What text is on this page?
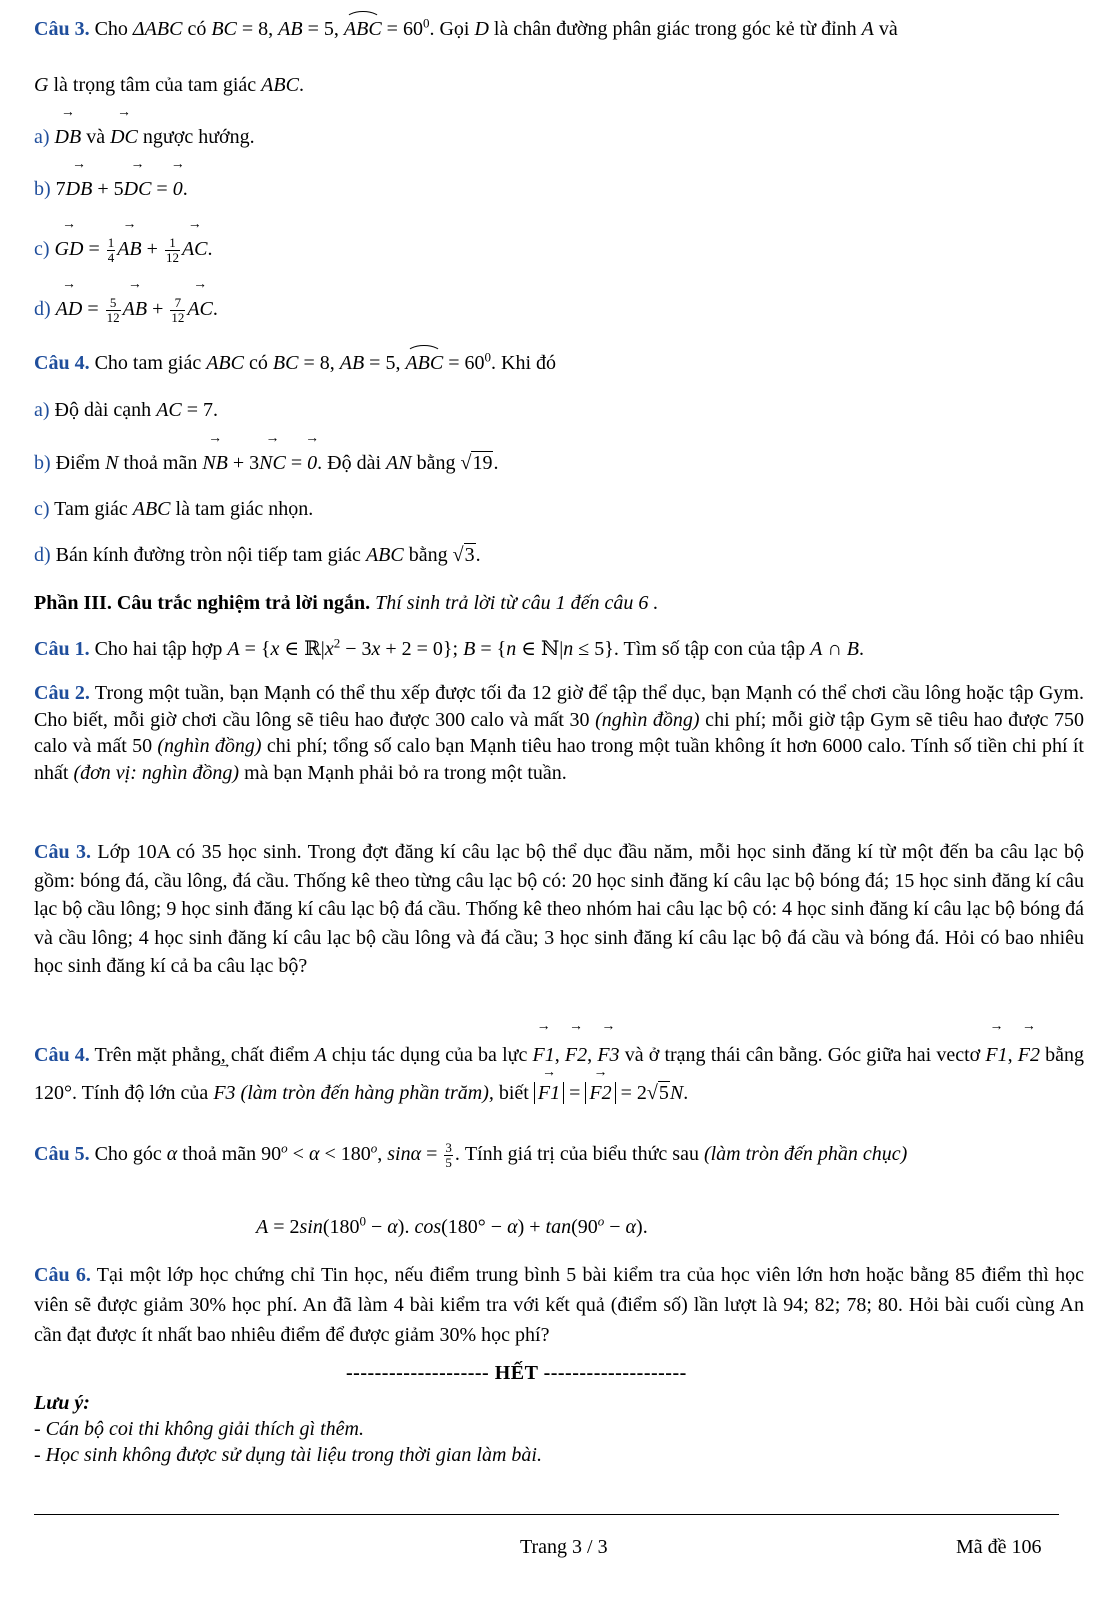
Câu 3. Cho ΔABC có BC = 8, AB = 5, ABC = $60^0$. Gọi D là chân đường phân giác trong góc kẻ từ đỉnh A và
G là trọng tâm của tam giác ABC.
a) → DB và → DC ngược hướng.
b) 7→ DB + 5→ DC = → 0.
c) → GD = $\frac{1}{4}$ → AB + $\frac{1}{12}$ → AC.
d) → AD = $\frac{5}{12}$ → AB + $\frac{7}{12}$ → AC.
Câu 4. Cho tam giác ABC có BC = 8, AB = 5, ABC = $60^0$. Khi đó
a) Độ dài cạnh AC = 7.
b) Điểm N thoả mãn → NB + 3→ NC = → 0. Độ dài AN bằng √19.
c) Tam giác ABC là tam giác nhọn.
d) Bán kính đường tròn nội tiếp tam giác ABC bằng √3.
Phần III. Câu trắc nghiệm trả lời ngắn. Thí sinh trả lời từ câu 1 đến câu 6 .
Câu 1. Cho hai tập hợp A = {x ∈ $ℝ|x^2 - 3x + 2 = 0$}; B = {n ∈ ℕ|n ≤ 5}. Tìm số tập con của tập A ∩ B.
Câu 2. Trong một tuần, bạn Mạnh có thể thu xếp được tối đa 12 giờ để tập thể dục, bạn Mạnh có thể chơi cầu lông hoặc tập Gym. Cho biết, mỗi giờ chơi cầu lông sẽ tiêu hao được 300 calo và mất 30 (nghìn đồng) chi phí; mỗi giờ tập Gym sẽ tiêu hao được 750 calo và mất 50 (nghìn đồng) chi phí; tổng số calo bạn Mạnh tiêu hao trong một tuần không ít hơn 6000 calo. Tính số tiền chi phí ít nhất (đơn vị: nghìn đồng) mà bạn Mạnh phải bỏ ra trong một tuần.
Câu 3. Lớp 10A có 35 học sinh. Trong đợt đăng kí câu lạc bộ thể dục đầu năm, mỗi học sinh đăng kí từ một đến ba câu lạc bộ gồm: bóng đá, cầu lông, đá cầu. Thống kê theo từng câu lạc bộ có: 20 học sinh đăng kí câu lạc bộ bóng đá; 15 học sinh đăng kí câu lạc bộ cầu lông; 9 học sinh đăng kí câu lạc bộ đá cầu. Thống kê theo nhóm hai câu lạc bộ có: 4 học sinh đăng kí câu lạc bộ bóng đá và cầu lông; 4 học sinh đăng kí câu lạc bộ cầu lông và đá cầu; 3 học sinh đăng kí câu lạc bộ đá cầu và bóng đá. Hỏi có bao nhiêu học sinh đăng kí cả ba câu lạc bộ?
Câu 4. Trên mặt phẳng, chất điểm A chịu tác dụng của ba lực → F1, → F2, → F3 và ở trạng thái cân bằng. Góc giữa hai vectơ → F1, → F2 bằng 120°. Tính độ lớn của → F3 (làm tròn đến hàng phần trăm), biết → F1 = → F2 = 2√5N.
Câu 5. Cho góc α thoả mãn $90^o < \alpha < 180^o$, $\sin\alpha = \frac{3}{5}$ . Tính giá trị của biểu thức sau (làm tròn đến phần chục)
$A = 2\sin(180^0 - \alpha)$. $\cos(180^\circ - \alpha) + \tan(90^o - \alpha)$.
Câu 6. Tại một lớp học chứng chỉ Tin học, nếu điểm trung bình 5 bài kiểm tra của học viên lớn hơn hoặc bằng 85 điểm thì học viên sẽ được giảm 30% học phí. An đã làm 4 bài kiểm tra với kết quả (điểm số) lần lượt là 94; 82; 78; 80. Hỏi bài cuối cùng An cần đạt được ít nhất bao nhiêu điểm để được giảm 30% học phí?
-------------------- HẾT --------------------
Lưu ý:
- Cán bộ coi thi không giải thích gì thêm.
- Học sinh không được sử dụng tài liệu trong thời gian làm bài.
Trang 3 / 3	Mã đề 106
